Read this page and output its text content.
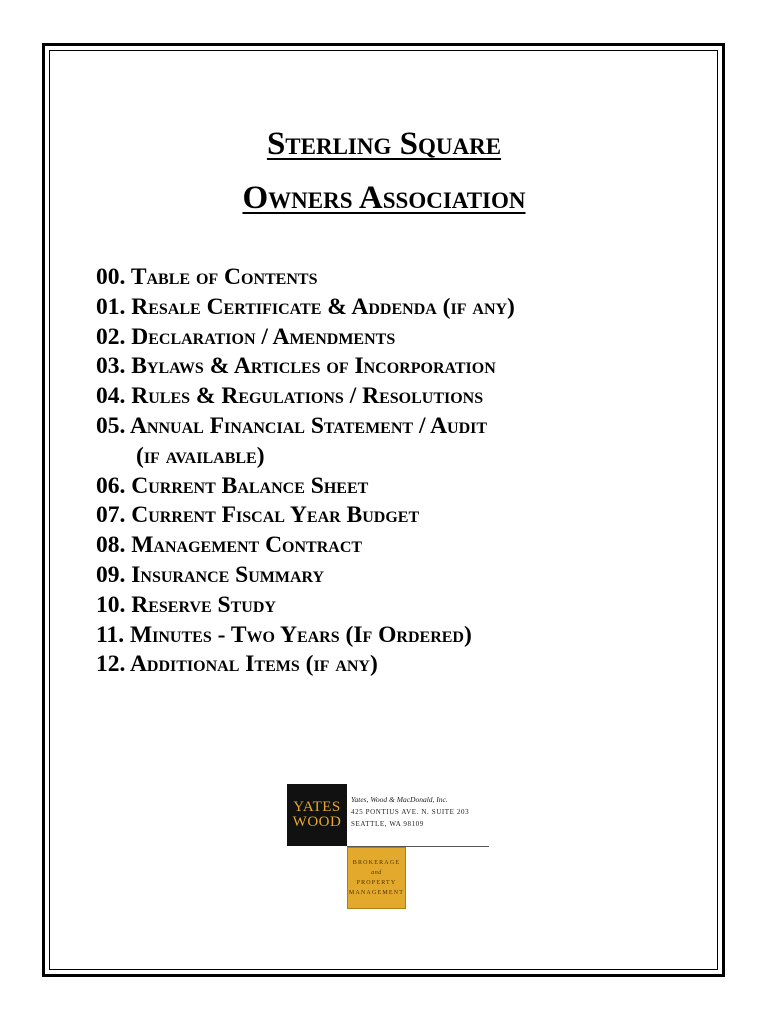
Sterling Square
Owners Association
00. Table of Contents
01. Resale Certificate & Addenda (if any)
02. Declaration / Amendments
03. Bylaws & Articles of Incorporation
04. Rules & Regulations / Resolutions
05. Annual Financial Statement / Audit
(if available)
06. Current Balance Sheet
07. Current Fiscal Year Budget
08. Management Contract
09. Insurance Summary
10. Reserve Study
11. Minutes - Two Years (If Ordered)
12. Additional Items (if any)
YATES
WOOD
Yates, Wood & MacDonald, Inc.
425 PONTIUS AVE. N. SUITE 203
SEATTLE, WA 98109
BROKERAGE
and
PROPERTY
MANAGEMENT
